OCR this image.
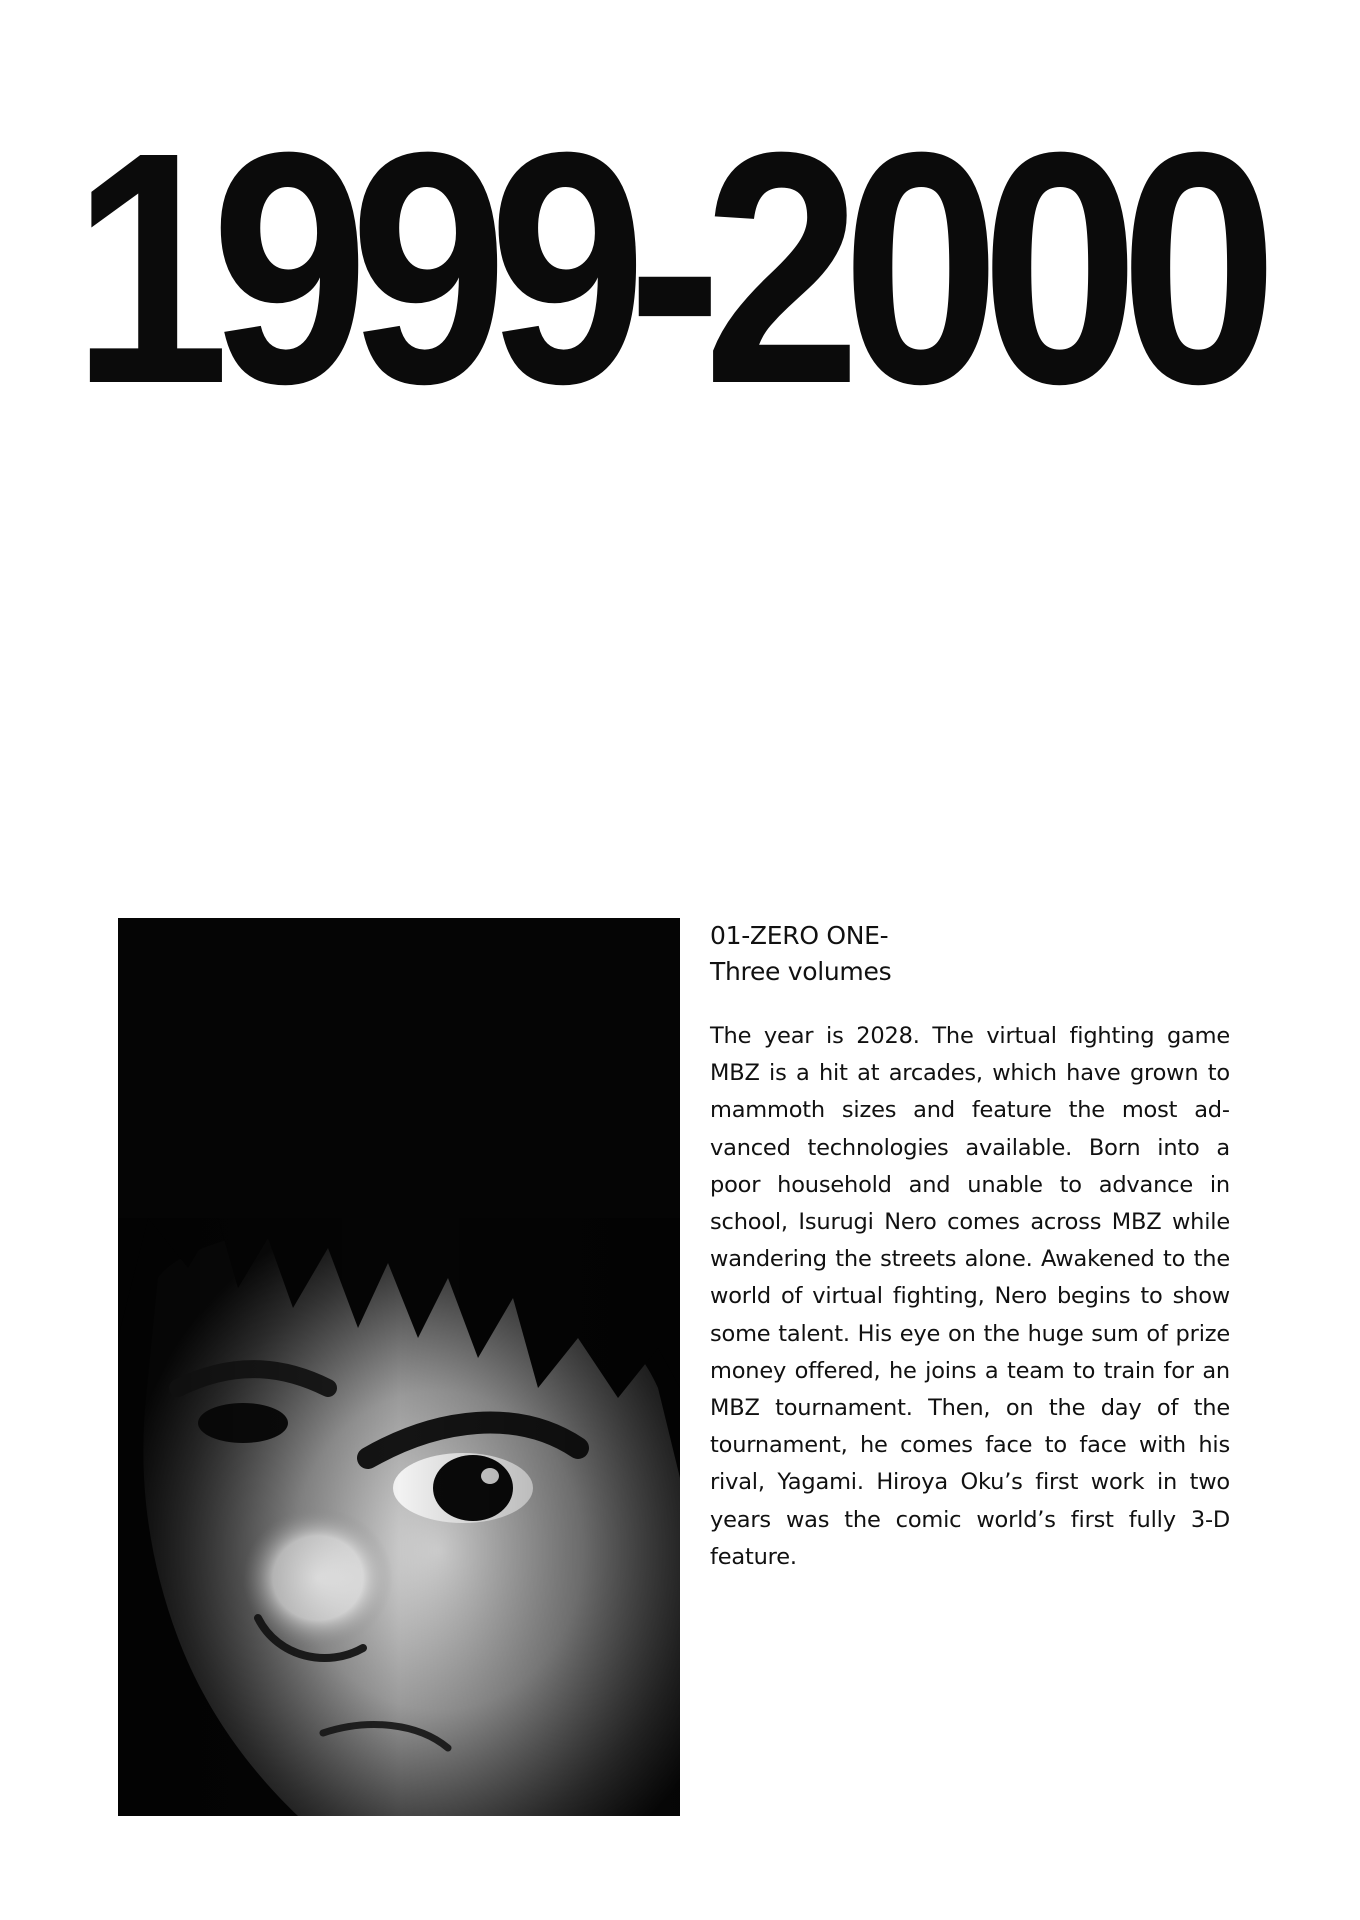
1999-2000

01-ZERO ONE-

Three volumes

The year is 2028. The virtual fighting game MBZ is a hit at arcades, which have grown to mammoth sizes and feature the most advanced technologies available. Born into a poor household and unable to advance in school, Isurugi Nero comes across MBZ while wandering the streets alone. Awakened to the world of virtual fighting, Nero begins to show some talent. His eye on the huge sum of prize money offered, he joins a team to train for an MBZ tournament. Then, on the day of the tournament, he comes face to face with his rival, Yagami. Hiroya Oku’s first work in two years was the comic world’s first fully 3-D feature.
